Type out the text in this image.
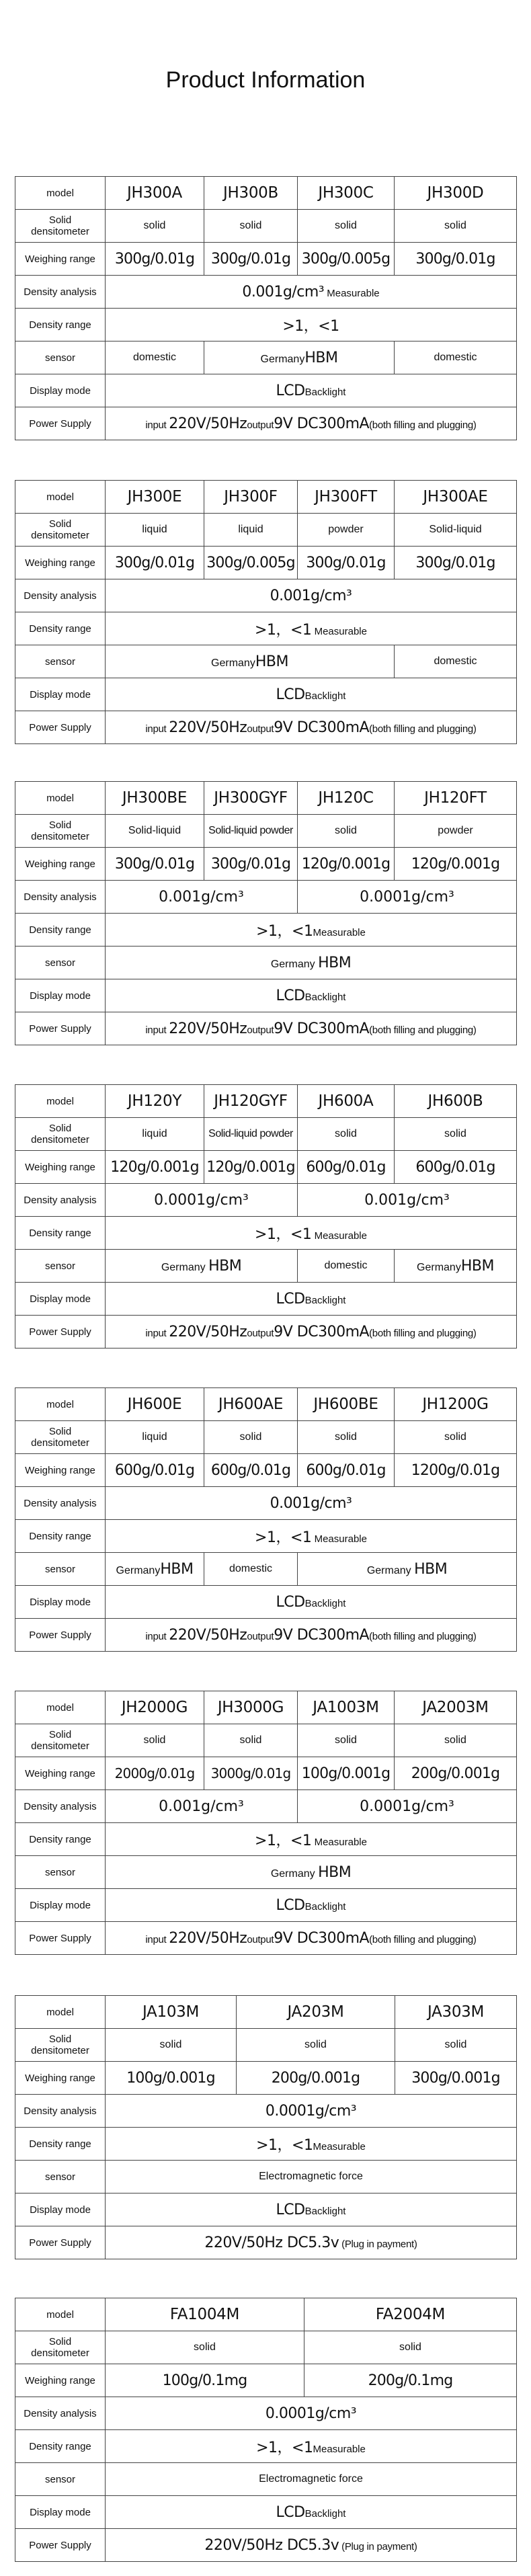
Product Information
model	JH300A	JH300B	JH300C	JH300D
Solid
densitometer	solid	solid	solid	solid
Weighing range	300g/0.01g	300g/0.01g	300g/0.005g	300g/0.01g
Density analysis	0.001g/cm³ Measurable			
Density range	>1，<1			
sensor	domestic	GermanyHBM		domestic
Display mode	LCDBacklight			
Power Supply	input 220V/50Hzoutput9V DC300mA(both filling and plugging)			
model	JH300E	JH300F	JH300FT	JH300AE
Solid
densitometer	liquid	liquid	powder	Solid-liquid
Weighing range	300g/0.01g	300g/0.005g	300g/0.01g	300g/0.01g
Density analysis	0.001g/cm³			
Density range	>1，<1 Measurable			
sensor	GermanyHBM			domestic
Display mode	LCDBacklight			
Power Supply	input 220V/50Hzoutput9V DC300mA(both filling and plugging)			
model	JH300BE	JH300GYF	JH120C	JH120FT
Solid
densitometer	Solid-liquid	Solid-liquid powder	solid	powder
Weighing range	300g/0.01g	300g/0.01g	120g/0.001g	120g/0.001g
Density analysis	0.001g/cm³		0.0001g/cm³	
Density range	>1，<1Measurable			
sensor	Germany HBM			
Display mode	LCDBacklight			
Power Supply	input 220V/50Hzoutput9V DC300mA(both filling and plugging)			
model	JH120Y	JH120GYF	JH600A	JH600B
Solid
densitometer	liquid	Solid-liquid powder	solid	solid
Weighing range	120g/0.001g	120g/0.001g	600g/0.01g	600g/0.01g
Density analysis	0.0001g/cm³		0.001g/cm³	
Density range	>1，<1 Measurable			
sensor	Germany HBM		domestic	GermanyHBM
Display mode	LCDBacklight			
Power Supply	input 220V/50Hzoutput9V DC300mA(both filling and plugging)			
model	JH600E	JH600AE	JH600BE	JH1200G
Solid
densitometer	liquid	solid	solid	solid
Weighing range	600g/0.01g	600g/0.01g	600g/0.01g	1200g/0.01g
Density analysis	0.001g/cm³			
Density range	>1，<1 Measurable			
sensor	GermanyHBM	domestic	Germany HBM	
Display mode	LCDBacklight			
Power Supply	input 220V/50Hzoutput9V DC300mA(both filling and plugging)			
model	JH2000G	JH3000G	JA1003M	JA2003M
Solid
densitometer	solid	solid	solid	solid
Weighing range	2000g/0.01g	3000g/0.01g	100g/0.001g	200g/0.001g
Density analysis	0.001g/cm³		0.0001g/cm³	
Density range	>1，<1 Measurable			
sensor	Germany HBM			
Display mode	LCDBacklight			
Power Supply	input 220V/50Hzoutput9V DC300mA(both filling and plugging)			
model	JA103M	JA203M	JA303M
Solid
densitometer	solid	solid	solid
Weighing range	100g/0.001g	200g/0.001g	300g/0.001g
Density analysis	0.0001g/cm³		
Density range	>1，<1Measurable		
sensor	Electromagnetic force		
Display mode	LCDBacklight		
Power Supply	220V/50Hz DC5.3v (Plug in payment)		
model	FA1004M	FA2004M
Solid
densitometer	solid	solid
Weighing range	100g/0.1mg	200g/0.1mg
Density analysis	0.0001g/cm³	
Density range	>1，<1Measurable	
sensor	Electromagnetic force	
Display mode	LCDBacklight	
Power Supply	220V/50Hz DC5.3v (Plug in payment)	
